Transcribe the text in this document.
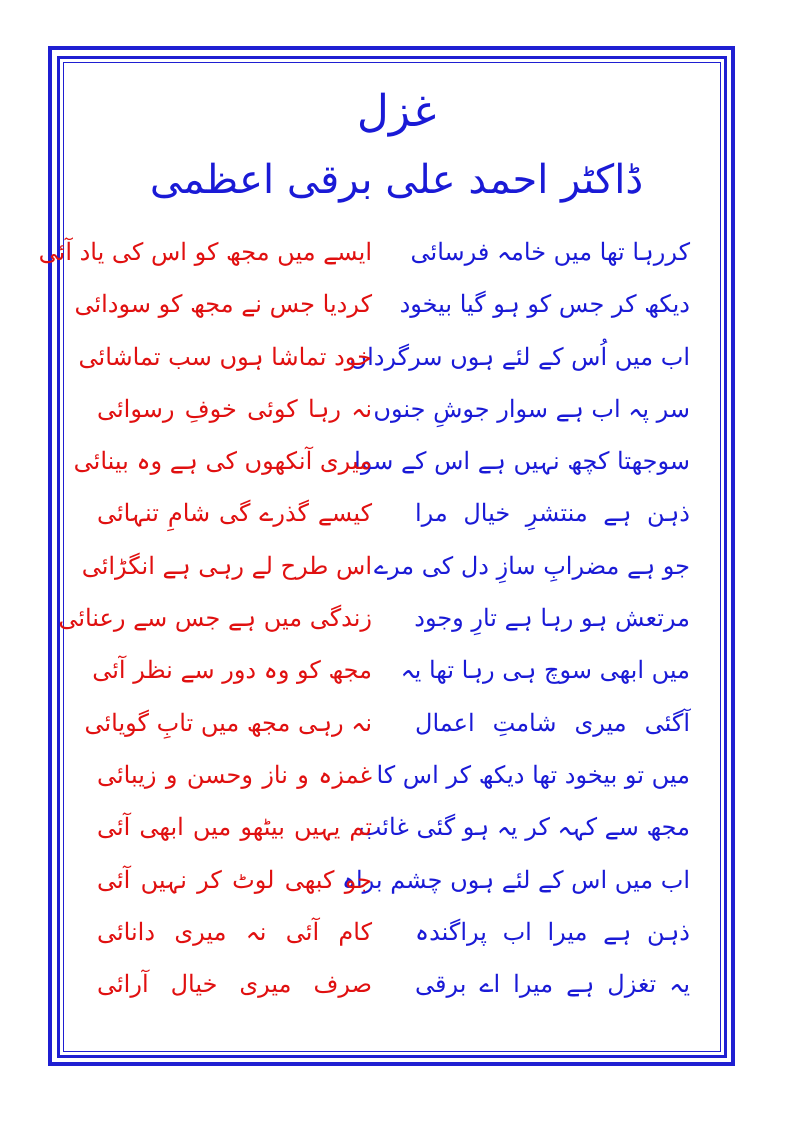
غزل
ڈاکٹر احمد علی برقی اعظمی
کررہا تھا میں خامہ فرسائی
ایسے میں مجھ کو اس کی یاد آئی
دیکھ کر جس کو ہو گیا بیخود
کردیا جس نے مجھ کو سودائی
اب میں اُس کے لئے ہوں سرگرداں
خود تماشا ہوں سب تماشائی
سر پہ اب ہے سوار جوشِ جنوں
نہ رہا کوئی خوفِ رسوائی
سوجھتا کچھ نہیں ہے اس کے سوا
میری آنکھوں کی ہے وہ بینائی
ذہن ہے منتشرِ خیال مرا
کیسے گذرے گی شامِ تنہائی
جو ہے مضرابِ سازِ دل کی مرے
اس طرح لے رہی ہے انگڑائی
مرتعش ہو رہا ہے تارِ وجود
زندگی میں ہے جس سے رعنائی
میں ابھی سوچ ہی رہا تھا یہ
مجھ کو وہ دور سے نظر آئی
آگئی میری شامتِ اعمال
نہ رہی مجھ میں تابِ گویائی
میں تو بیخود تھا دیکھ کر اس کا
غمزہ و ناز وحسن و زیبائی
مجھ سے کہہ کر یہ ہو گئی غائب
تم یہیں بیٹھو میں ابھی آئی
اب میں اس کے لئے ہوں چشم براہ
جو کبھی لوٹ کر نہیں آئی
ذہن ہے میرا اب پراگندہ
کام آئی نہ میری دانائی
یہ تغزل ہے میرا اے برقی
صرف میری خیال آرائی
